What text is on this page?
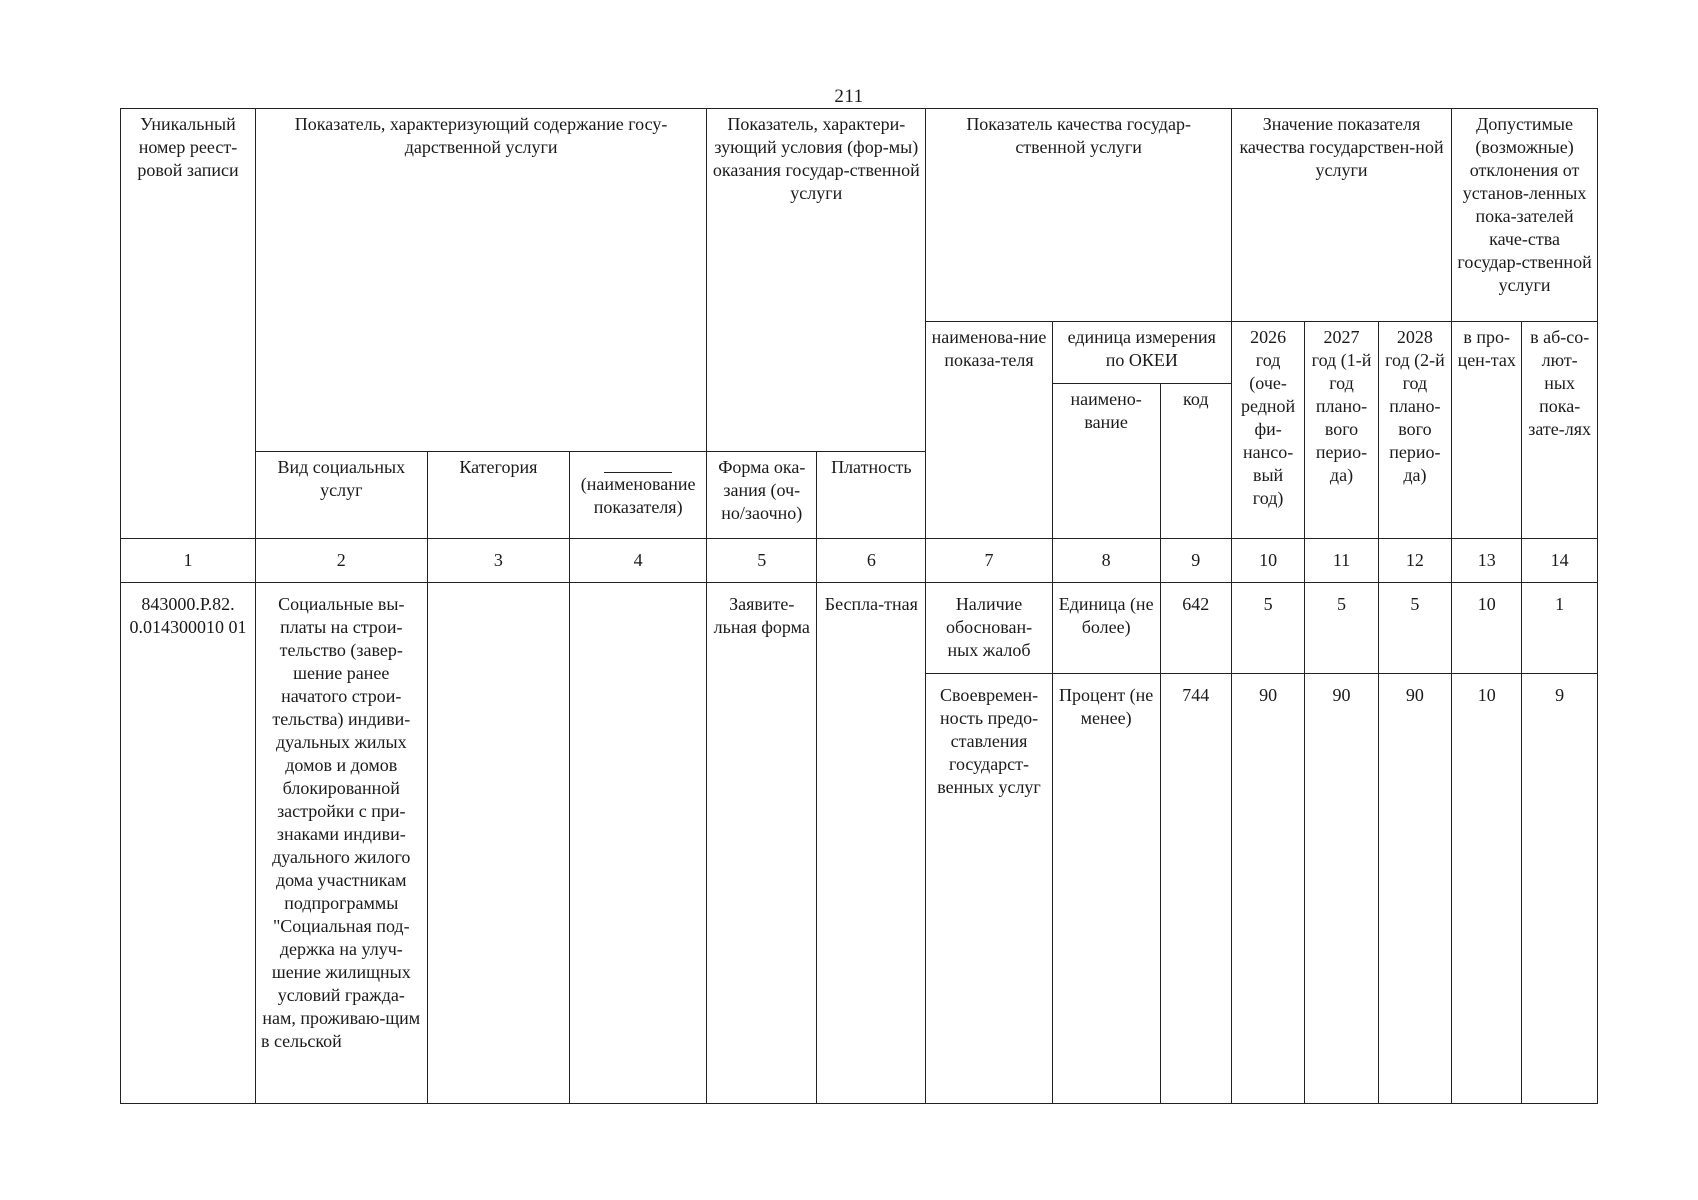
211
Уникальный номер реест-ровой записи	Показатель, характеризующий содержание госу-дарственной услуги			Показатель, характери-зующий условия (фор-мы) оказания государ-ственной услуги		Показатель качества государ-ственной услуги			Значение показателя качества государствен-ной услуги			Допустимые (возможные) отклонения от установ-ленных пока-зателей каче-ства государ-ственной услуги	
						наименова-ние показа-теля	единица измерения по ОКЕИ		2026 год (оче-редной фи-нансо-вый год)	2027 год (1-й год плано-вого перио-да)	2028 год (2-й год плано-вого перио-да)	в про-цен-тах	в аб-со-лют-ных пока-зате-лях
							наимено-вание	код					
	Вид социальных услуг	Категория	(наименование показателя)	Форма ока-зания (оч-но/заочно)	Платность								
1	2	3	4	5	6	7	8	9	10	11	12	13	14
843000.Р.82. 0.014300010 01	Социальные вы-платы на строи-тельство (завер-шение ранее начатого строи-тельства) индиви-дуальных жилых домов и домов блокированной застройки с при-знаками индиви-дуального жилого дома участникам подпрограммы "Социальная под-держка на улуч-шение жилищных условий гражда-нам, проживаю-щим в сельской			Заявите-льная форма	Беспла-тная	Наличие обоснован-ных жалоб	Единица (не более)	642	5	5	5	10	1
						Своевремен-ность предо-ставления государст-венных услуг	Процент (не менее)	744	90	90	90	10	9
